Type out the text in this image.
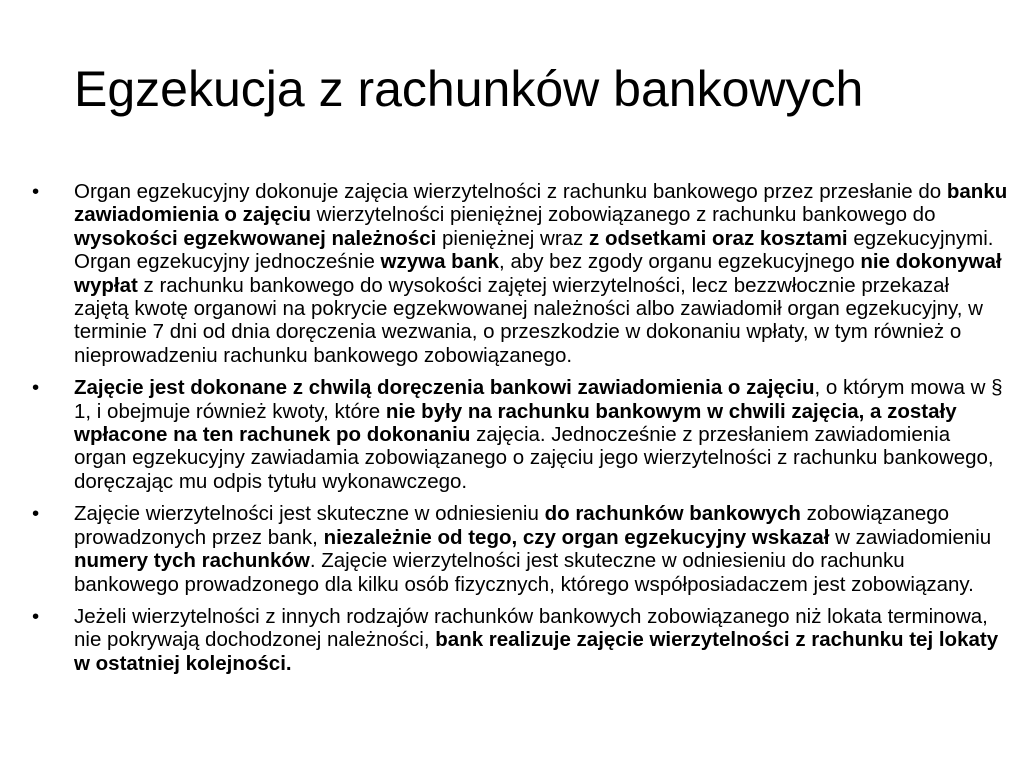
Egzekucja z rachunków bankowych
• Organ egzekucyjny dokonuje zajęcia wierzytelności z rachunku bankowego przez przesłanie do banku zawiadomienia o zajęciu wierzytelności pieniężnej zobowiązanego z rachunku bankowego do wysokości egzekwowanej należności pieniężnej wraz z odsetkami oraz kosztami egzekucyjnymi. Organ egzekucyjny jednocześnie wzywa bank, aby bez zgody organu egzekucyjnego nie dokonywał wypłat z rachunku bankowego do wysokości zajętej wierzytelności, lecz bezzwłocznie przekazał zajętą kwotę organowi na pokrycie egzekwowanej należności albo zawiadomił organ egzekucyjny, w terminie 7 dni od dnia doręczenia wezwania, o przeszkodzie w dokonaniu wpłaty, w tym również o nieprowadzeniu rachunku bankowego zobowiązanego.
• Zajęcie jest dokonane z chwilą doręczenia bankowi zawiadomienia o zajęciu, o którym mowa w § 1, i obejmuje również kwoty, które nie były na rachunku bankowym w chwili zajęcia, a zostały wpłacone na ten rachunek po dokonaniu zajęcia. Jednocześnie z przesłaniem zawiadomienia organ egzekucyjny zawiadamia zobowiązanego o zajęciu jego wierzytelności z rachunku bankowego, doręczając mu odpis tytułu wykonawczego.
• Zajęcie wierzytelności jest skuteczne w odniesieniu do rachunków bankowych zobowiązanego prowadzonych przez bank, niezależnie od tego, czy organ egzekucyjny wskazał w zawiadomieniu numery tych rachunków. Zajęcie wierzytelności jest skuteczne w odniesieniu do rachunku bankowego prowadzonego dla kilku osób fizycznych, którego współposiadaczem jest zobowiązany.
• Jeżeli wierzytelności z innych rodzajów rachunków bankowych zobowiązanego niż lokata terminowa, nie pokrywają dochodzonej należności, bank realizuje zajęcie wierzytelności z rachunku tej lokaty w ostatniej kolejności.
